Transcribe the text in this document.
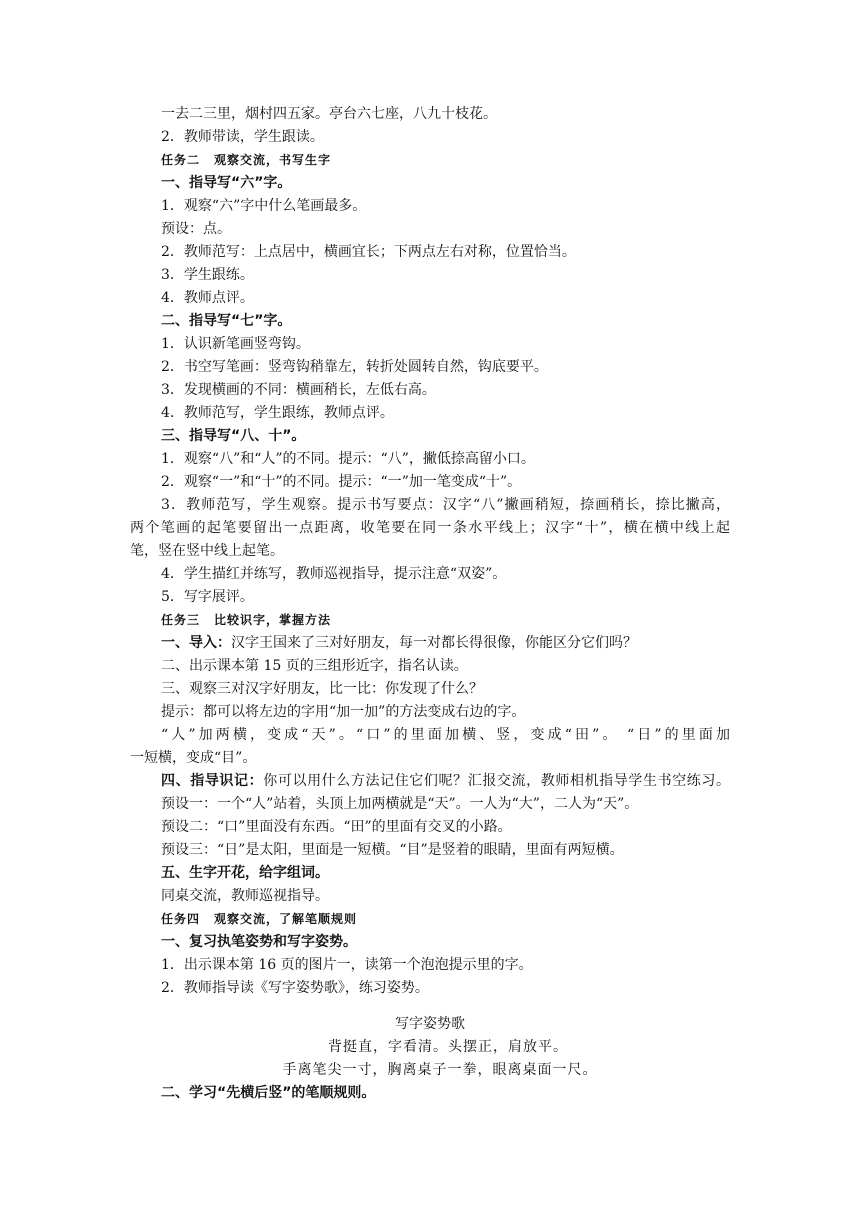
一去二三里，烟村四五家。亭台六七座，八九十枝花。
2．教师带读，学生跟读。
任务二 观察交流，书写生字
一、指导写“六”字。
1．观察“六”字中什么笔画最多。
预设：点。
2．教师范写：上点居中，横画宜长；下两点左右对称，位置恰当。
3．学生跟练。
4．教师点评。
二、指导写“七”字。
1．认识新笔画竖弯钩。
2．书空写笔画：竖弯钩稍靠左，转折处圆转自然，钩底要平。
3．发现横画的不同：横画稍长，左低右高。
4．教师范写，学生跟练，教师点评。
三、指导写“八、十”。
1．观察“八”和“人”的不同。提示：“八”，撇低捺高留小口。
2．观察“一”和“十”的不同。提示：“一”加一笔变成“十”。
3．教师范写，学生观察。提示书写要点：汉字“八”撇画稍短，捺画稍长，捺比撇高，
两个笔画的起笔要留出一点距离，收笔要在同一条水平线上；汉字“十”，横在横中线上起
笔，竖在竖中线上起笔。
4．学生描红并练写，教师巡视指导，提示注意“双姿”。
5．写字展评。
任务三 比较识字，掌握方法
一、导入：汉字王国来了三对好朋友，每一对都长得很像，你能区分它们吗？
二、出示课本第 15 页的三组形近字，指名认读。
三、观察三对汉字好朋友，比一比：你发现了什么？
提示：都可以将左边的字用“加一加”的方法变成右边的字。
“人”加两横，变成“天”。“口”的里面加横、竖，变成“田”。 “日”的里面加
一短横，变成“目”。
四、指导识记：你可以用什么方法记住它们呢？汇报交流，教师相机指导学生书空练习。
预设一：一个“人”站着，头顶上加两横就是“天”。一人为“大”，二人为“天”。
预设二：“口”里面没有东西。“田”的里面有交叉的小路。
预设三：“日”是太阳，里面是一短横。“目”是竖着的眼睛，里面有两短横。
五、生字开花，给字组词。
同桌交流，教师巡视指导。
任务四 观察交流，了解笔顺规则
一、复习执笔姿势和写字姿势。
1．出示课本第 16 页的图片一，读第一个泡泡提示里的字。
2．教师指导读《写字姿势歌》，练习姿势。
写字姿势歌
背挺直，字看清。头摆正，肩放平。
手离笔尖一寸，胸离桌子一拳，眼离桌面一尺。
二、学习“先横后竖”的笔顺规则。
